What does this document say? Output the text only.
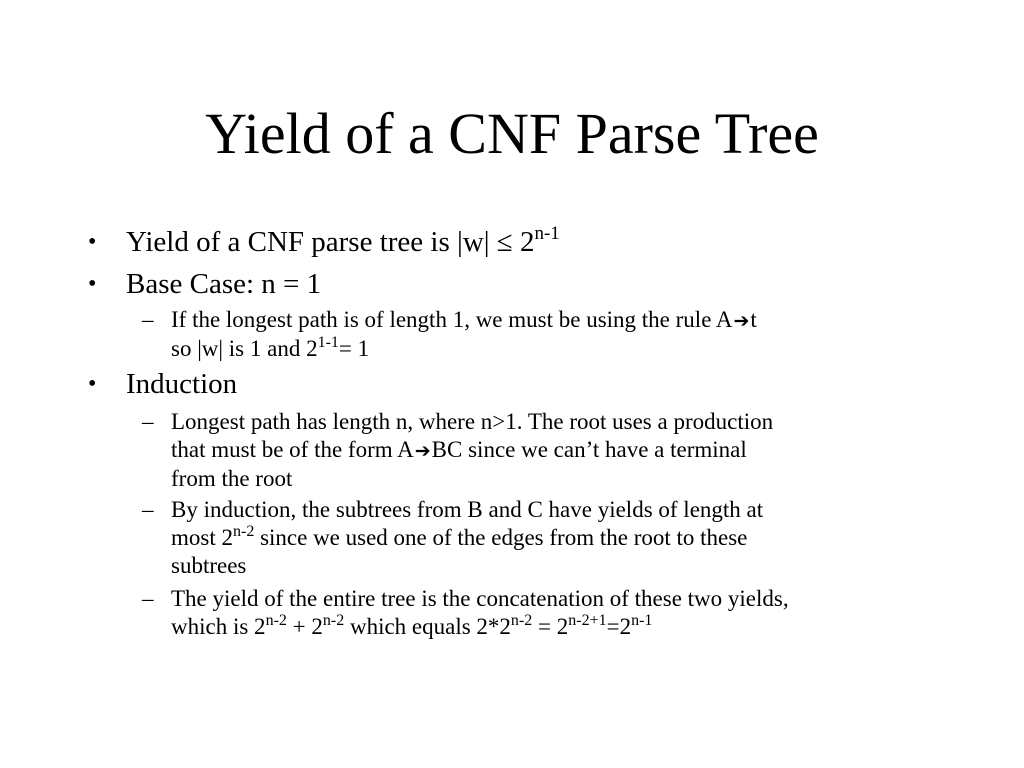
Yield of a CNF Parse Tree
• Yield of a CNF parse tree is $|w| \le 2^{n-1}$
• Base Case: n = 1
– If the longest path is of length 1, we must be using the rule A➔t
so |w| is 1 and $2^{1-1}= 1$
• Induction
– Longest path has length n, where n>1. The root uses a production
that must be of the form A➔BC since we can’t have a terminal
from the root
– By induction, the subtrees from B and C have yields of length at
most 2$^{n-2}$ since we used one of the edges from the root to these
subtrees
– The yield of the entire tree is the concatenation of these two yields,
which is $2^{n-2} + 2^{n-2}$ which equals $2*2^{n-2} = 2^{n-2+1}=2^{n-1}$
